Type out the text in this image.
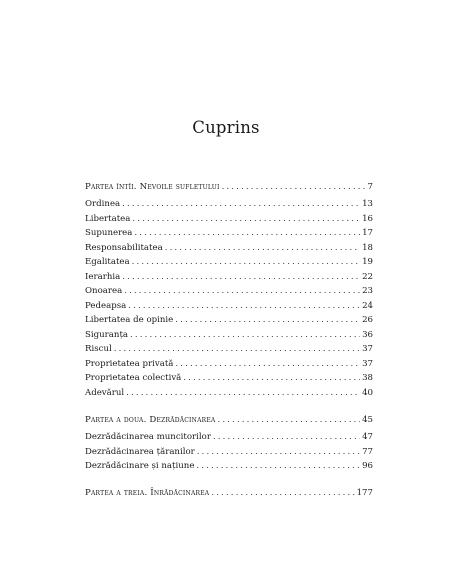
Cuprins
Partea întîi. Nevoile sufletului . . .	7
Ordinea . . .	13
Libertatea . . .	16
Supunerea . . .	17
Responsabilitatea . . .	18
Egalitatea . . .	19
Ierarhia . . .	22
Onoarea . . .	23
Pedeapsa . . .	24
Libertatea de opinie . . .	26
Siguranța . . .	36
Riscul . . .	37
Proprietatea privată . . .	37
Proprietatea colectivă . . .	38
Adevărul . . .	40
Partea a doua. Dezrădăcinarea . . .	45
Dezrădăcinarea muncitorilor . . .	47
Dezrădăcinarea țăranilor . . .	77
Dezrădăcinare și națiune . . .	96
Partea a treia. Înrădăcinarea . . .	177
